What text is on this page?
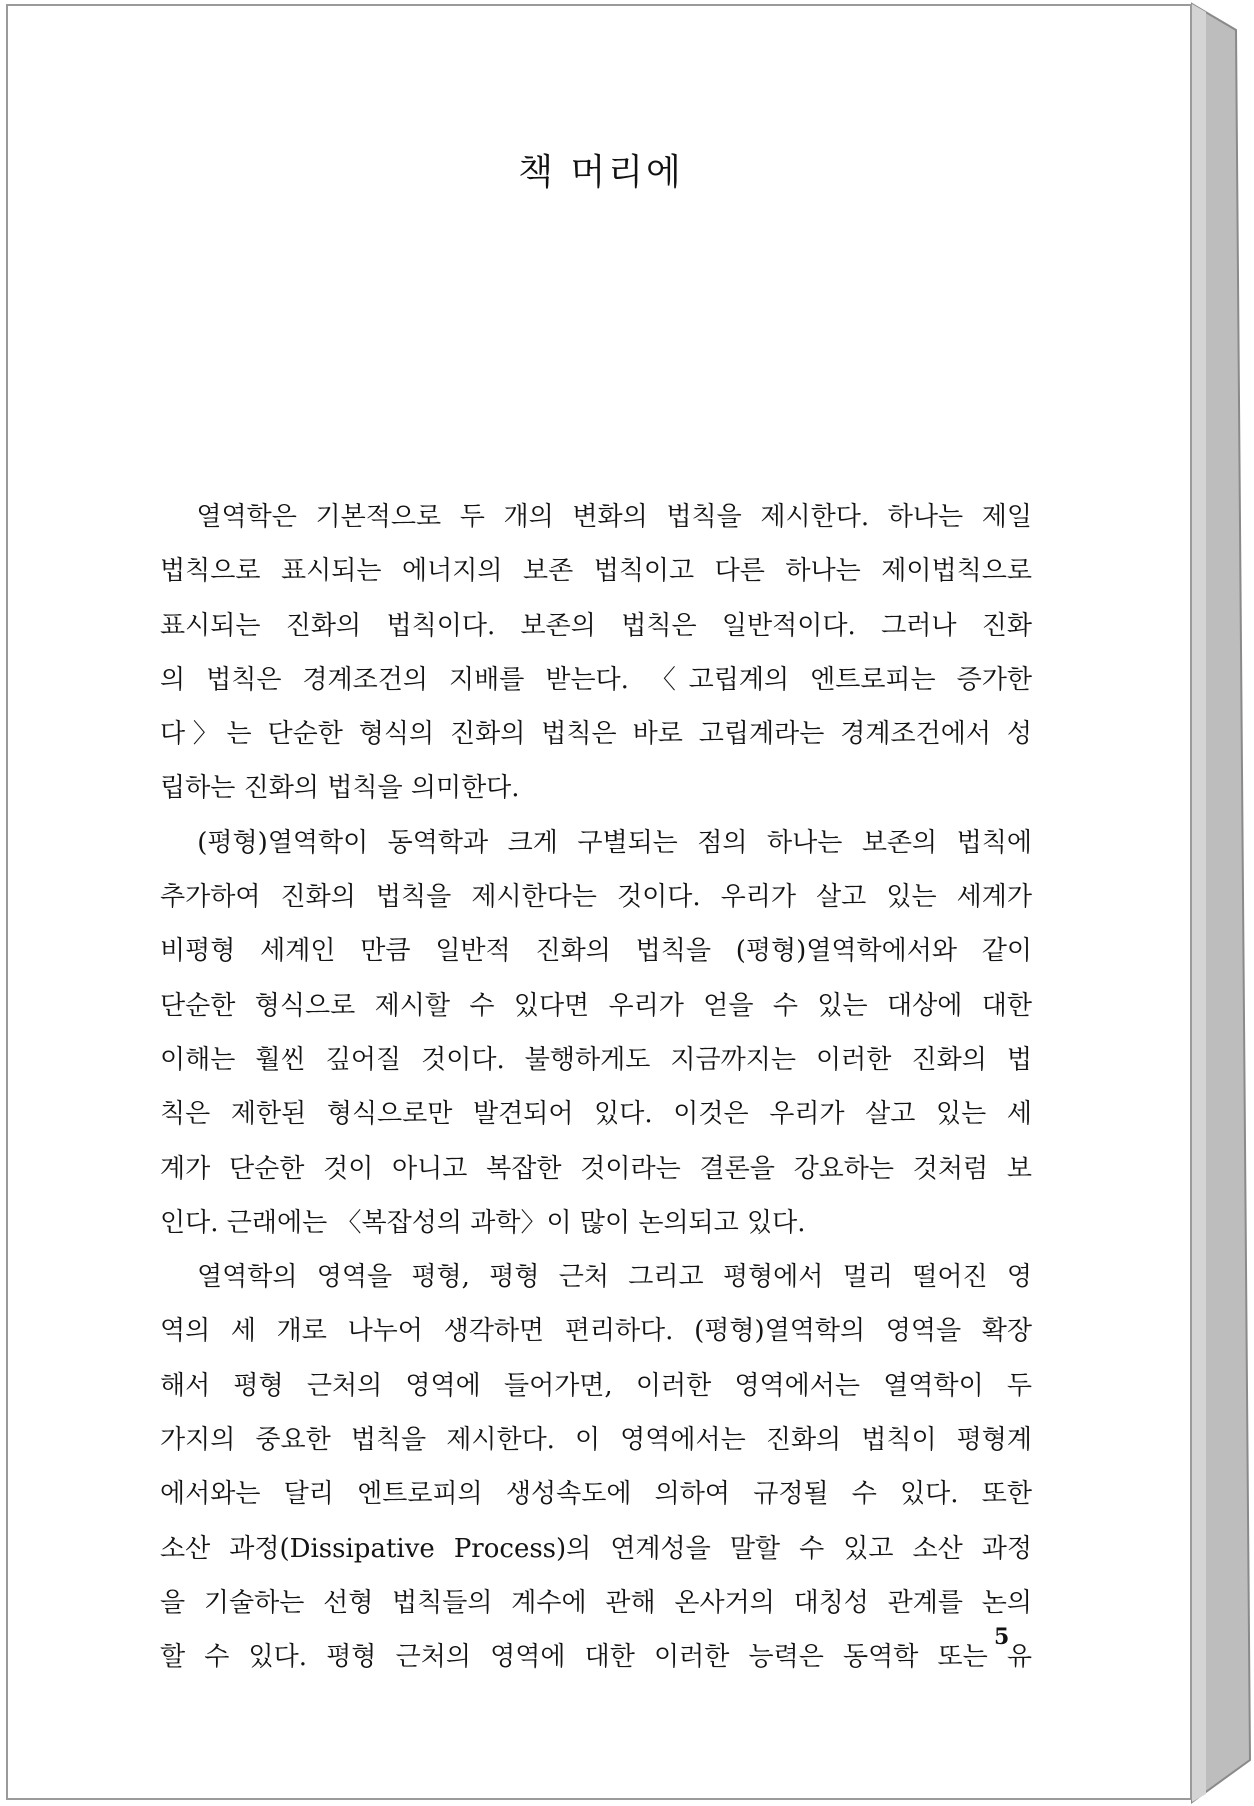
책 머리에
　열역학은 기본적으로 두 개의 변화의 법칙을 제시한다. 하나는 제일
법칙으로 표시되는 에너지의 보존 법칙이고 다른 하나는 제이법칙으로
표시되는 진화의 법칙이다. 보존의 법칙은 일반적이다. 그러나 진화
의 법칙은 경계조건의 지배를 받는다. 〈고립계의 엔트로피는 증가한
다〉는 단순한 형식의 진화의 법칙은 바로 고립계라는 경계조건에서 성
립하는 진화의 법칙을 의미한다.
　(평형)열역학이 동역학과 크게 구별되는 점의 하나는 보존의 법칙에
추가하여 진화의 법칙을 제시한다는 것이다. 우리가 살고 있는 세계가
비평형 세계인 만큼 일반적 진화의 법칙을 (평형)열역학에서와 같이
단순한 형식으로 제시할 수 있다면 우리가 얻을 수 있는 대상에 대한
이해는 훨씬 깊어질 것이다. 불행하게도 지금까지는 이러한 진화의 법
칙은 제한된 형식으로만 발견되어 있다. 이것은 우리가 살고 있는 세
계가 단순한 것이 아니고 복잡한 것이라는 결론을 강요하는 것처럼 보
인다. 근래에는 〈복잡성의 과학〉이 많이 논의되고 있다.
　열역학의 영역을 평형, 평형 근처 그리고 평형에서 멀리 떨어진 영
역의 세 개로 나누어 생각하면 편리하다. (평형)열역학의 영역을 확장
해서 평형 근처의 영역에 들어가면, 이러한 영역에서는 열역학이 두
가지의 중요한 법칙을 제시한다. 이 영역에서는 진화의 법칙이 평형계
에서와는 달리 엔트로피의 생성속도에 의하여 규정될 수 있다. 또한
소산 과정(Dissipative Process)의 연계성을 말할 수 있고 소산 과정
을 기술하는 선형 법칙들의 계수에 관해 온사거의 대칭성 관계를 논의
할 수 있다. 평형 근처의 영역에 대한 이러한 능력은 동역학 또는 유
5
